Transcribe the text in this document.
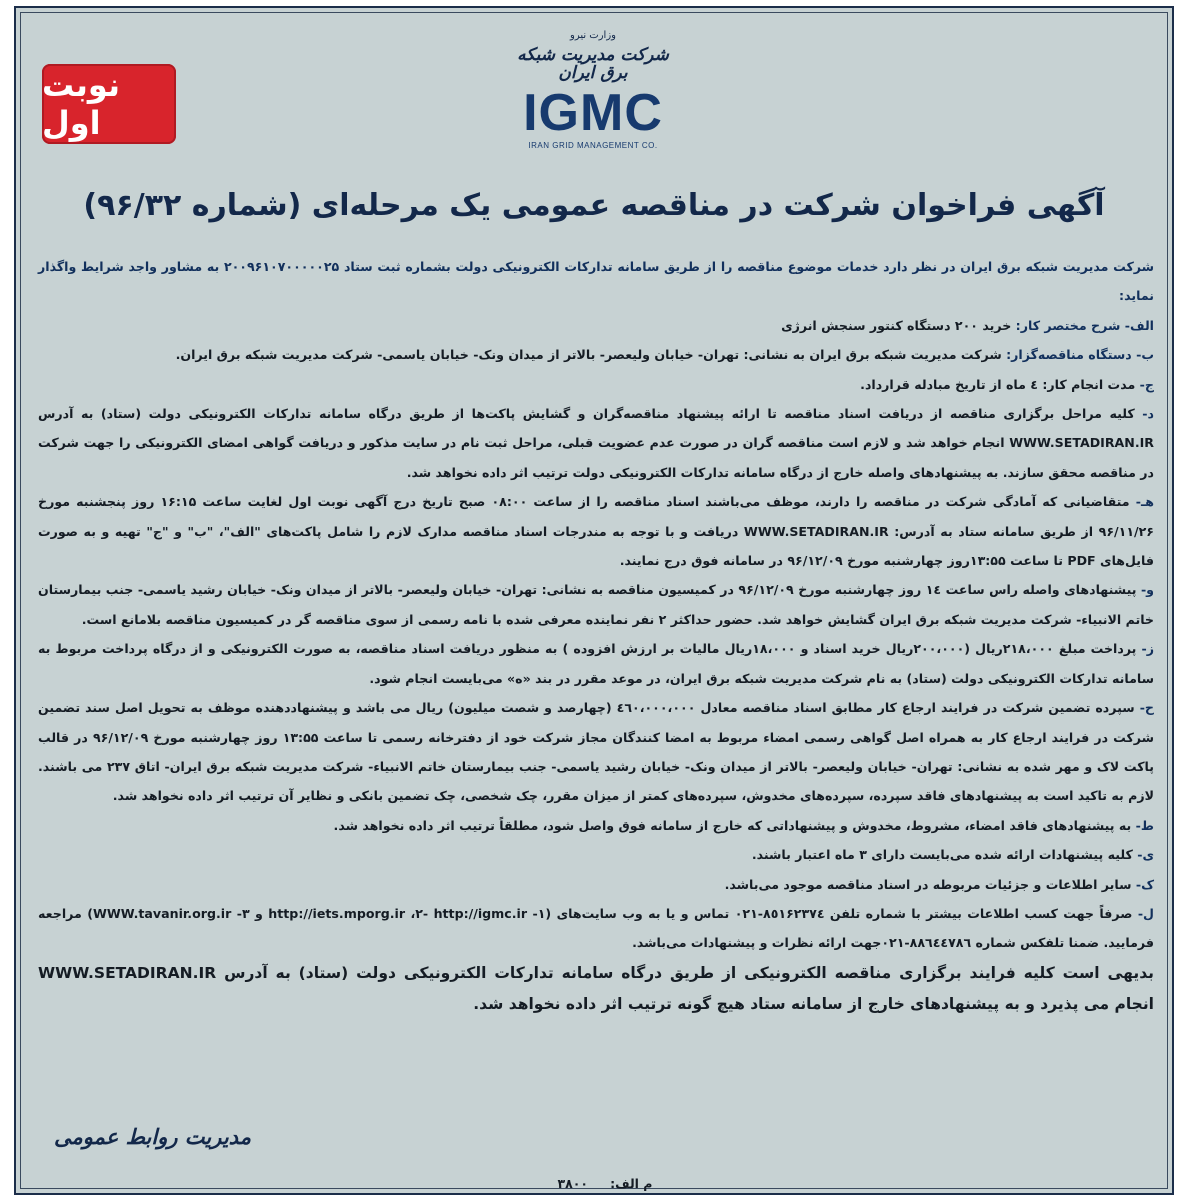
نوبت اول
وزارت نیرو
شرکت مدیریت شبکه برق ایران
IGMC
IRAN GRID MANAGEMENT CO.
آگهی فراخوان شرکت در مناقصه عمومی یک مرحله‌ای (شماره ۹۶/۳۲)

شرکت مدیریت شبکه برق ایران در نظر دارد خدمات موضوع مناقصه را از طریق سامانه تدارکات الکترونیکی دولت بشماره ثبت ستاد ۲۰۰۹۶۱۰۷۰۰۰۰۰۲۵ به مشاور واجد شرایط واگذار نماید:

الف- شرح مختصر کار: خرید ۲۰۰ دستگاه کنتور سنجش انرژی

ب- دستگاه مناقصه‌گزار: شرکت مدیریت شبکه برق ایران به نشانی: تهران- خیابان ولیعصر- بالاتر از میدان ونک- خیابان یاسمی- شرکت مدیریت شبکه برق ایران.

ج- مدت انجام کار: ٤ ماه از تاریخ مبادله قرارداد.

د- کلیه مراحل برگزاری مناقصه از دریافت اسناد مناقصه تا ارائه پیشنهاد مناقصه‌گران و گشایش پاکت‌ها از طریق درگاه سامانه تدارکات الکترونیکی دولت (ستاد) به آدرس WWW.SETADIRAN.IR انجام خواهد شد و لازم است مناقصه گران در صورت عدم عضویت قبلی، مراحل ثبت نام در سایت مذکور و دریافت گواهی امضای الکترونیکی را جهت شرکت در مناقصه محقق سازند. به پیشنهادهای واصله خارج از درگاه سامانه تدارکات الکترونیکی دولت ترتیب اثر داده نخواهد شد.

هـ- متقاضیانی که آمادگی شرکت در مناقصه را دارند، موظف می‌باشند اسناد مناقصه را از ساعت ۰۸:۰۰ صبح تاریخ درج آگهی نوبت اول لغایت ساعت ۱۶:۱۵ روز پنجشنبه مورخ ۹۶/۱۱/۲۶ از طریق سامانه ستاد به آدرس: WWW.SETADIRAN.IR دریافت و با توجه به مندرجات اسناد مناقصه مدارک لازم را شامل پاکت‌های "الف"، "ب" و "ج" تهیه و به صورت فایل‌های PDF تا ساعت ۱۳:۵۵روز چهارشنبه مورخ ۹۶/۱۲/۰۹ در سامانه فوق درج نمایند.

و- پیشنهادهای واصله راس ساعت ١٤ روز چهارشنبه مورخ ۹۶/۱۲/۰۹ در کمیسیون مناقصه به نشانی: تهران- خیابان ولیعصر- بالاتر از میدان ونک- خیابان رشید یاسمی- جنب بیمارستان خاتم الانبیاء- شرکت مدیریت شبکه برق ایران گشایش خواهد شد. حضور حداکثر ۲ نفر نماینده معرفی شده با نامه رسمی از سوی مناقصه گر در کمیسیون مناقصه بلامانع است.

ز- پرداخت مبلغ ۲۱۸،۰۰۰ریال (۲۰۰،۰۰۰ریال خرید اسناد و ۱۸،۰۰۰ریال مالیات بر ارزش افزوده ) به منظور دریافت اسناد مناقصه، به صورت الکترونیکی و از درگاه پرداخت مربوط به سامانه تدارکات الکترونیکی دولت (ستاد) به نام شرکت مدیریت شبکه برق ایران، در موعد مقرر در بند «ه» می‌بایست انجام شود.

ح- سپرده تضمین شرکت در فرایند ارجاع کار مطابق اسناد مناقصه معادل ٤٦٠،۰۰۰،۰۰۰ (چهارصد و شصت میلیون) ریال می باشد و پیشنهاددهنده موظف به تحویل اصل سند تضمین شرکت در فرایند ارجاع کار به همراه اصل گواهی رسمی امضاء مربوط به امضا کنندگان مجاز شرکت خود از دفترخانه رسمی تا ساعت ۱۳:۵۵ روز چهارشنبه مورخ ۹۶/۱۲/۰۹ در قالب پاکت لاک و مهر شده به نشانی: تهران- خیابان ولیعصر- بالاتر از میدان ونک- خیابان رشید یاسمی- جنب بیمارستان خاتم الانبیاء- شرکت مدیریت شبکه برق ایران- اتاق ۲۳۷ می باشند. لازم به تاکید است به پیشنهادهای فاقد سپرده، سپرده‌های مخدوش، سپرده‌های کمتر از میزان مقرر، چک شخصی، چک تضمین بانکی و نظایر آن ترتیب اثر داده نخواهد شد.

ط- به پیشنهادهای فاقد امضاء، مشروط، مخدوش و پیشنهاداتی که خارج از سامانه فوق واصل شود، مطلقاً ترتیب اثر داده نخواهد شد.

ی- کلیه پیشنهادات ارائه شده می‌بایست دارای ۳ ماه اعتبار باشند.

ک- سایر اطلاعات و جزئیات مربوطه در اسناد مناقصه موجود می‌باشد.

ل- صرفاً جهت کسب اطلاعات بیشتر با شماره تلفن ۸٥۱۶۲۳۷٤-۰۲۱ تماس و یا به وب سایت‌های (۱- http://iets.mporg.ir ،۲- http://igmc.ir و ۳- WWW.tavanir.org.ir) مراجعه فرمایید. ضمنا تلفکس شماره ۸۸٦٤٤۷۸٦-۰۲۱جهت ارائه نظرات و پیشنهادات می‌باشد.

بدیهی است کلیه فرایند برگزاری مناقصه الکترونیکی از طریق درگاه سامانه تدارکات الکترونیکی دولت (ستاد) به آدرس WWW.SETADIRAN.IR انجام می پذیرد و به پیشنهادهای خارج از سامانه ستاد هیچ گونه ترتیب اثر داده نخواهد شد.

مدیریت روابط عمومی
م الف:
۳۸۰۰
